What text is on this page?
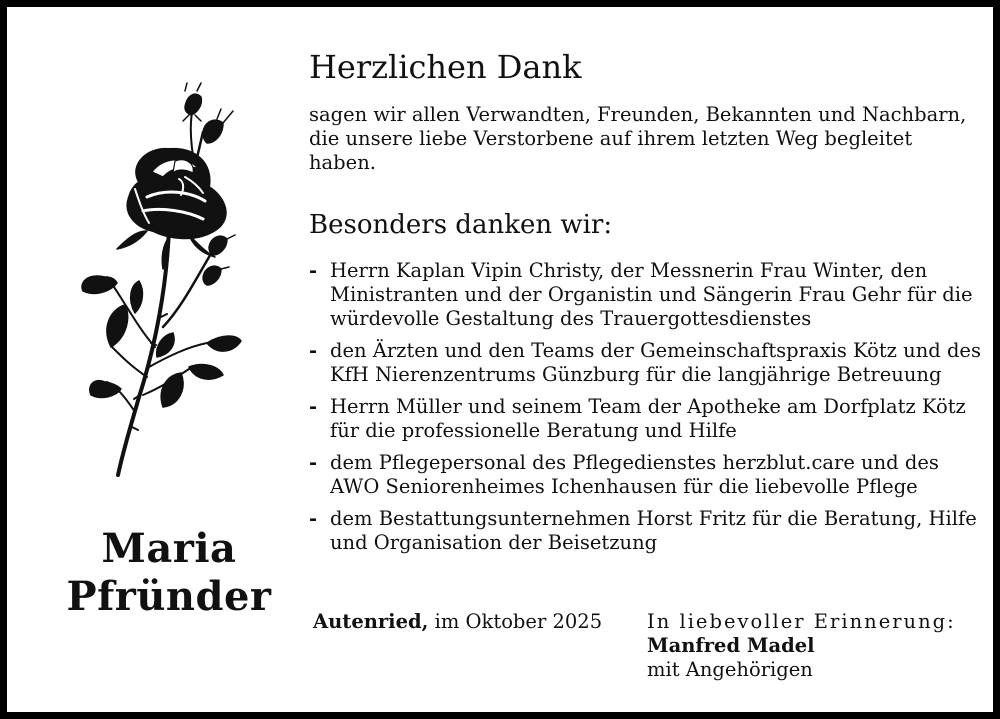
Maria
Pfründer
Herzlichen Dank
sagen wir allen Verwandten, Freunden, Bekannten und Nachbarn, die unsere liebe Verstorbene auf ihrem letzten Weg begleitet haben.
Besonders danken wir:
- Herrn Kaplan Vipin Christy, der Messnerin Frau Winter, den Ministranten und der Organistin und Sängerin Frau Gehr für die würdevolle Gestaltung des Trauergottesdienstes
- den Ärzten und den Teams der Gemeinschaftspraxis Kötz und des KfH Nierenzentrums Günzburg für die langjährige Betreuung
- Herrn Müller und seinem Team der Apotheke am Dorfplatz Kötz für die professionelle Beratung und Hilfe
- dem Pflegepersonal des Pflegedienstes herzblut.care und des AWO Seniorenheimes Ichenhausen für die liebevolle Pflege
- dem Bestattungsunternehmen Horst Fritz für die Beratung, Hilfe und Organisation der Beisetzung
Autenried, im Oktober 2025 In liebevoller Erinnerung:
Manfred Madel
mit Angehörigen
